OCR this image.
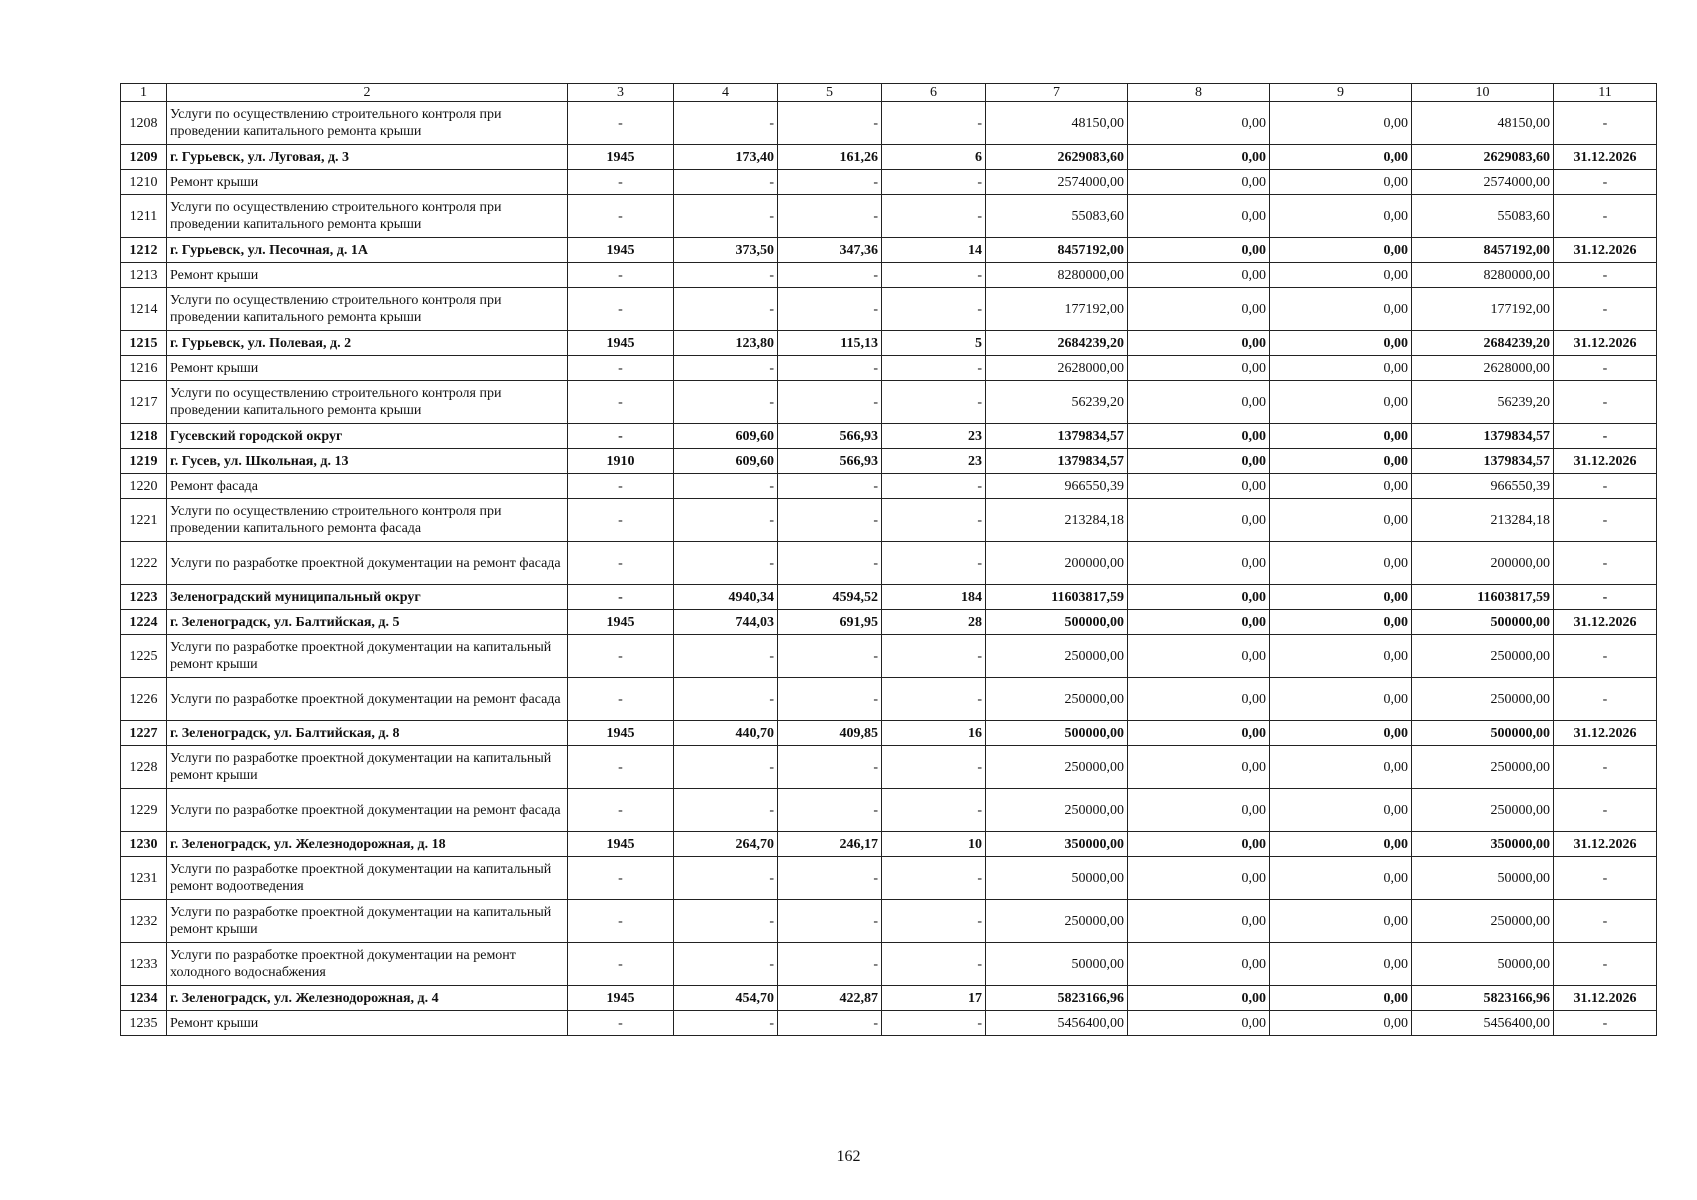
1	2	3	4	5	6	7	8	9	10	11
1208	Услуги по осуществлению строительного контроля при проведении капитального ремонта крыши	-	-	-	-	48150,00	0,00	0,00	48150,00	-
1209	г. Гурьевск, ул. Луговая, д. 3	1945	173,40	161,26	6	2629083,60	0,00	0,00	2629083,60	31.12.2026
1210	Ремонт крыши	-	-	-	-	2574000,00	0,00	0,00	2574000,00	-
1211	Услуги по осуществлению строительного контроля при проведении капитального ремонта крыши	-	-	-	-	55083,60	0,00	0,00	55083,60	-
1212	г. Гурьевск, ул. Песочная, д. 1А	1945	373,50	347,36	14	8457192,00	0,00	0,00	8457192,00	31.12.2026
1213	Ремонт крыши	-	-	-	-	8280000,00	0,00	0,00	8280000,00	-
1214	Услуги по осуществлению строительного контроля при проведении капитального ремонта крыши	-	-	-	-	177192,00	0,00	0,00	177192,00	-
1215	г. Гурьевск, ул. Полевая, д. 2	1945	123,80	115,13	5	2684239,20	0,00	0,00	2684239,20	31.12.2026
1216	Ремонт крыши	-	-	-	-	2628000,00	0,00	0,00	2628000,00	-
1217	Услуги по осуществлению строительного контроля при проведении капитального ремонта крыши	-	-	-	-	56239,20	0,00	0,00	56239,20	-
1218	Гусевский городской округ	-	609,60	566,93	23	1379834,57	0,00	0,00	1379834,57	-
1219	г. Гусев, ул. Школьная, д. 13	1910	609,60	566,93	23	1379834,57	0,00	0,00	1379834,57	31.12.2026
1220	Ремонт фасада	-	-	-	-	966550,39	0,00	0,00	966550,39	-
1221	Услуги по осуществлению строительного контроля при проведении капитального ремонта фасада	-	-	-	-	213284,18	0,00	0,00	213284,18	-
1222	Услуги по разработке проектной документации на ремонт фасада	-	-	-	-	200000,00	0,00	0,00	200000,00	-
1223	Зеленоградский муниципальный округ	-	4940,34	4594,52	184	11603817,59	0,00	0,00	11603817,59	-
1224	г. Зеленоградск, ул. Балтийская, д. 5	1945	744,03	691,95	28	500000,00	0,00	0,00	500000,00	31.12.2026
1225	Услуги по разработке проектной документации на капитальный ремонт крыши	-	-	-	-	250000,00	0,00	0,00	250000,00	-
1226	Услуги по разработке проектной документации на ремонт фасада	-	-	-	-	250000,00	0,00	0,00	250000,00	-
1227	г. Зеленоградск, ул. Балтийская, д. 8	1945	440,70	409,85	16	500000,00	0,00	0,00	500000,00	31.12.2026
1228	Услуги по разработке проектной документации на капитальный ремонт крыши	-	-	-	-	250000,00	0,00	0,00	250000,00	-
1229	Услуги по разработке проектной документации на ремонт фасада	-	-	-	-	250000,00	0,00	0,00	250000,00	-
1230	г. Зеленоградск, ул. Железнодорожная, д. 18	1945	264,70	246,17	10	350000,00	0,00	0,00	350000,00	31.12.2026
1231	Услуги по разработке проектной документации на капитальный ремонт водоотведения	-	-	-	-	50000,00	0,00	0,00	50000,00	-
1232	Услуги по разработке проектной документации на капитальный ремонт крыши	-	-	-	-	250000,00	0,00	0,00	250000,00	-
1233	Услуги по разработке проектной документации на ремонт холодного водоснабжения	-	-	-	-	50000,00	0,00	0,00	50000,00	-
1234	г. Зеленоградск, ул. Железнодорожная, д. 4	1945	454,70	422,87	17	5823166,96	0,00	0,00	5823166,96	31.12.2026
1235	Ремонт крыши	-	-	-	-	5456400,00	0,00	0,00	5456400,00	-
162
